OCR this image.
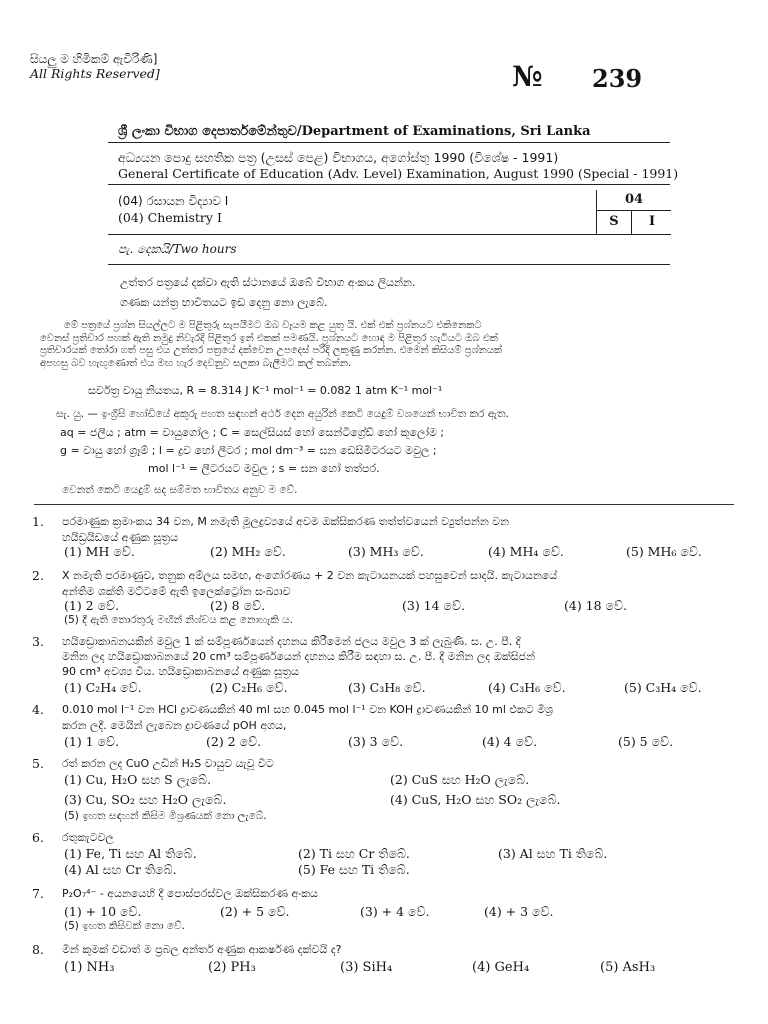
සියලු ම හිමිකම් ඇවිරිණි]
All Rights Reserved]	№ 239
ශ්‍රී ලංකා විභාග දෙපාර්තමේන්තුව/Department of Examinations, Sri Lanka
අධ්‍යයන පොදු සහතික පත්‍ර (උසස් පෙළ) විභාගය, අගෝස්තු 1990 (විශේෂ - 1991)
General Certificate of Education (Adv. Level) Examination, August 1990 (Special - 1991)
(04) රසායන විද්‍යාව I
(04) Chemistry I
04
S	I
පැ. දෙකයි/Two hours
උත්තර පත්‍රයේ දක්වා ඇති ස්ථානයේ ඔබේ විභාග අංකය ලියන්න.
ගණක යන්ත්‍ර භාවිතයට ඉඩ දෙනු නො ලැබේ.
මේ පත්‍රයේ ප්‍රශ්න සියල්ලට ම පිළිතුරු සැපයීමට ඔබ වෑයම කළ යුතු යි. එක් එක් ප්‍රශ්නයට එකිනෙකට
වෙනස් ප්‍රතිචාර පහක් ඇති නමුදු නිවැරදි පිළිතුර ඉන් එකක් පමණයි. ප්‍රශ්නයට හොඳ ම පිළිතුර හැටියට ඔබ එක්
ප්‍රතිචාරයක් තෝරා ගත් පසු එය උත්තර පත්‍රයේ දක්වෙන උපදෙස් පරිදි ලකුණු කරන්න. එමෙන් කිසියම් ප්‍රශ්නයක්
අපහසු බව හැඟුණොත් එය මඟ හැර දෙවනුව සලකා බැලීමට කල් තබන්න.
සර්වත්‍ර වායු නියතය, R = 8.314 J K⁻¹ mol⁻¹ = 0.082 1 atm K⁻¹ mol⁻¹
සැ. යු. — ඉංග්‍රීසි හෝඩියේ අකුරු පහත සඳහන් අර්ථ දෙන අයුරින් කෙටි යෙදුම් වශයෙන් භාවිත කර ඇත.
aq = ජලීය ; atm = වායුගෝල ; C = සෙල්සියස් හෝ සෙන්ටිග්‍රේඩ් හෝ කූලෝම ;
g = වායු හෝ ග්‍රෑම් ; l = ද්‍රව හෝ ලීටර ; mol dm⁻³ = ඝන ඩෙසිමීටරයට මවුල ;
mol l⁻¹ = ලීටරයට මවුල ; s = ඝන හෝ තත්පර.
වෙනත් කෙටි යෙදුම් සද සම්මත භාවිතය අනුව ම වේ.
1. පරමාණුක ක්‍රමාංකය 34 වන, M නමැති මූලද්‍රව්‍යයේ අවම ඔක්සිකරණ තත්ත්වයෙන් ව්‍යුත්පන්න වන
හයිඩ්‍රයිඩයේ අණුක සූත්‍රය
(1) MH වේ.	(2) MH₂ වේ.	(3) MH₃ වේ.	(4) MH₄ වේ.	(5) MH₆ වේ.
2. X නමැති පරමාණුව, තනුක අම්ලය සමඟ, අංගෝරණය + 2 වන කැටායනයක් පහසුවෙන් සාදයි. කැටායනයේ
අන්තිම ශක්ති මට්ටමේ ඇති ඉලෙක්ට්‍රෝන සංඛ්‍යාව
(1) 2 වේ.	(2) 8 වේ.	(3) 14 වේ.	(4) 18 වේ.
(5) දී ඇති තොරතුරු මඟින් නිශ්චය කළ නොහැකි ය.
3. හයිඩ්‍රොකාබනයකින් මවුල 1 ක් සම්පූර්ණයෙන් දහනය කිරීමෙන් ජලය මවුල 3 ක් ලැබුණි. ස. උ. පී. දී
මනින ලද හයිඩ්‍රොකාබනයේ 20 cm³ සම්පූර්ණයෙන් දහනය කිරීම සඳහා ස. උ. පී. දී මනින ලද ඔක්සිජන්
90 cm³ අවශ්‍ය විය. හයිඩ්‍රොකාබනයේ අණුක සූත්‍රය
(1) C₂H₄ වේ.	(2) C₂H₆ වේ.	(3) C₃H₈ වේ.	(4) C₃H₆ වේ.	(5) C₃H₄ වේ.
4. 0.010 mol l⁻¹ වන HCl ද්‍රාවණයකින් 40 ml සහ 0.045 mol l⁻¹ වන KOH ද්‍රාවණයකින් 10 ml එකට මිශ්‍ර
කරන ලදී. මෙයින් ලැබෙන ද්‍රාවණයේ pOH අගය,
(1) 1 වේ.	(2) 2 වේ.	(3) 3 වේ.	(4) 4 වේ.	(5) 5 වේ.
5. රත් කරන ලද CuO උඩින් H₂S වායුව යැවූ විට
(1) Cu, H₂O සහ S ලැබේ.	(2) CuS සහ H₂O ලැබේ.
(3) Cu, SO₂ සහ H₂O ලැබේ.	(4) CuS, H₂O සහ SO₂ ලැබේ.
(5) ඉහත සඳහන් කිසිම මිශ්‍රණයක් නො ලැබේ.
6. රතුකැටවල
(1) Fe, Ti සහ Al තිබේ.	(2) Ti සහ Cr තිබේ.	(3) Al සහ Ti තිබේ.
(4) Al සහ Cr තිබේ.	(5) Fe සහ Ti තිබේ.
7. P₂O₇⁴⁻ - අයනයෙහි දී පොස්පරස්වල ඔක්සිකරණ අංකය
(1) + 10 වේ.	(2) + 5 වේ.	(3) + 4 වේ.	(4) + 3 වේ.
(5) ඉහත කිසිවක් නො වේ.
8. මින් කුමක් වඩාත් ම ප්‍රබල අන්තර් අණුක ආකර්ෂණ දක්වයි ද?
(1) NH₃	(2) PH₃	(3) SiH₄	(4) GeH₄	(5) AsH₃
